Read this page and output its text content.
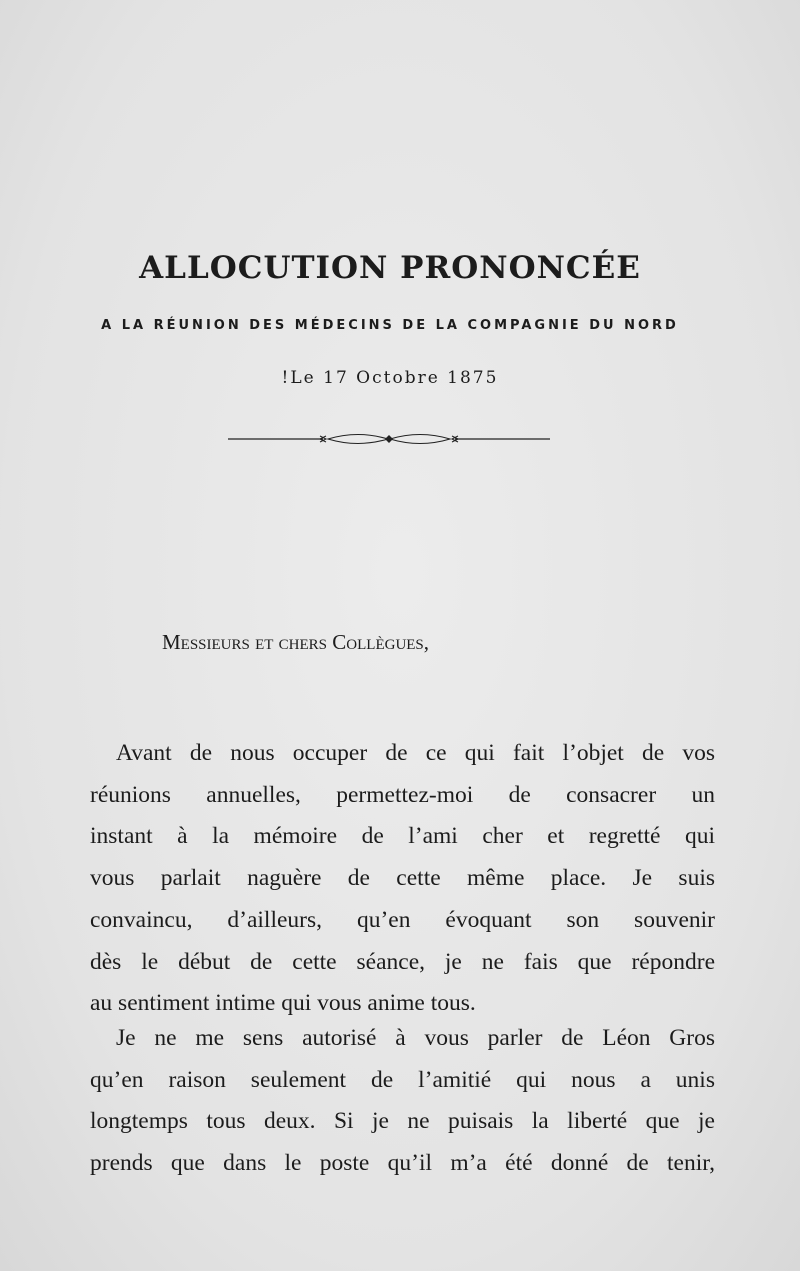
ALLOCUTION PRONONCÉE
A LA RÉUNION DES MÉDECINS DE LA COMPAGNIE DU NORD

!Le 17 Octobre 1875

Messieurs et chers Collègues,

Avant de nous occuper de ce qui fait l’objet de vos
réunions annuelles, permettez-moi de consacrer un
instant à la mémoire de l’ami cher et regretté qui
vous parlait naguère de cette même place. Je suis
convaincu, d’ailleurs, qu’en évoquant son souvenir
dès le début de cette séance, je ne fais que répondre
au sentiment intime qui vous anime tous.
Je ne me sens autorisé à vous parler de Léon Gros
qu’en raison seulement de l’amitié qui nous a unis
longtemps tous deux. Si je ne puisais la liberté que je
prends que dans le poste qu’il m’a été donné de tenir,
